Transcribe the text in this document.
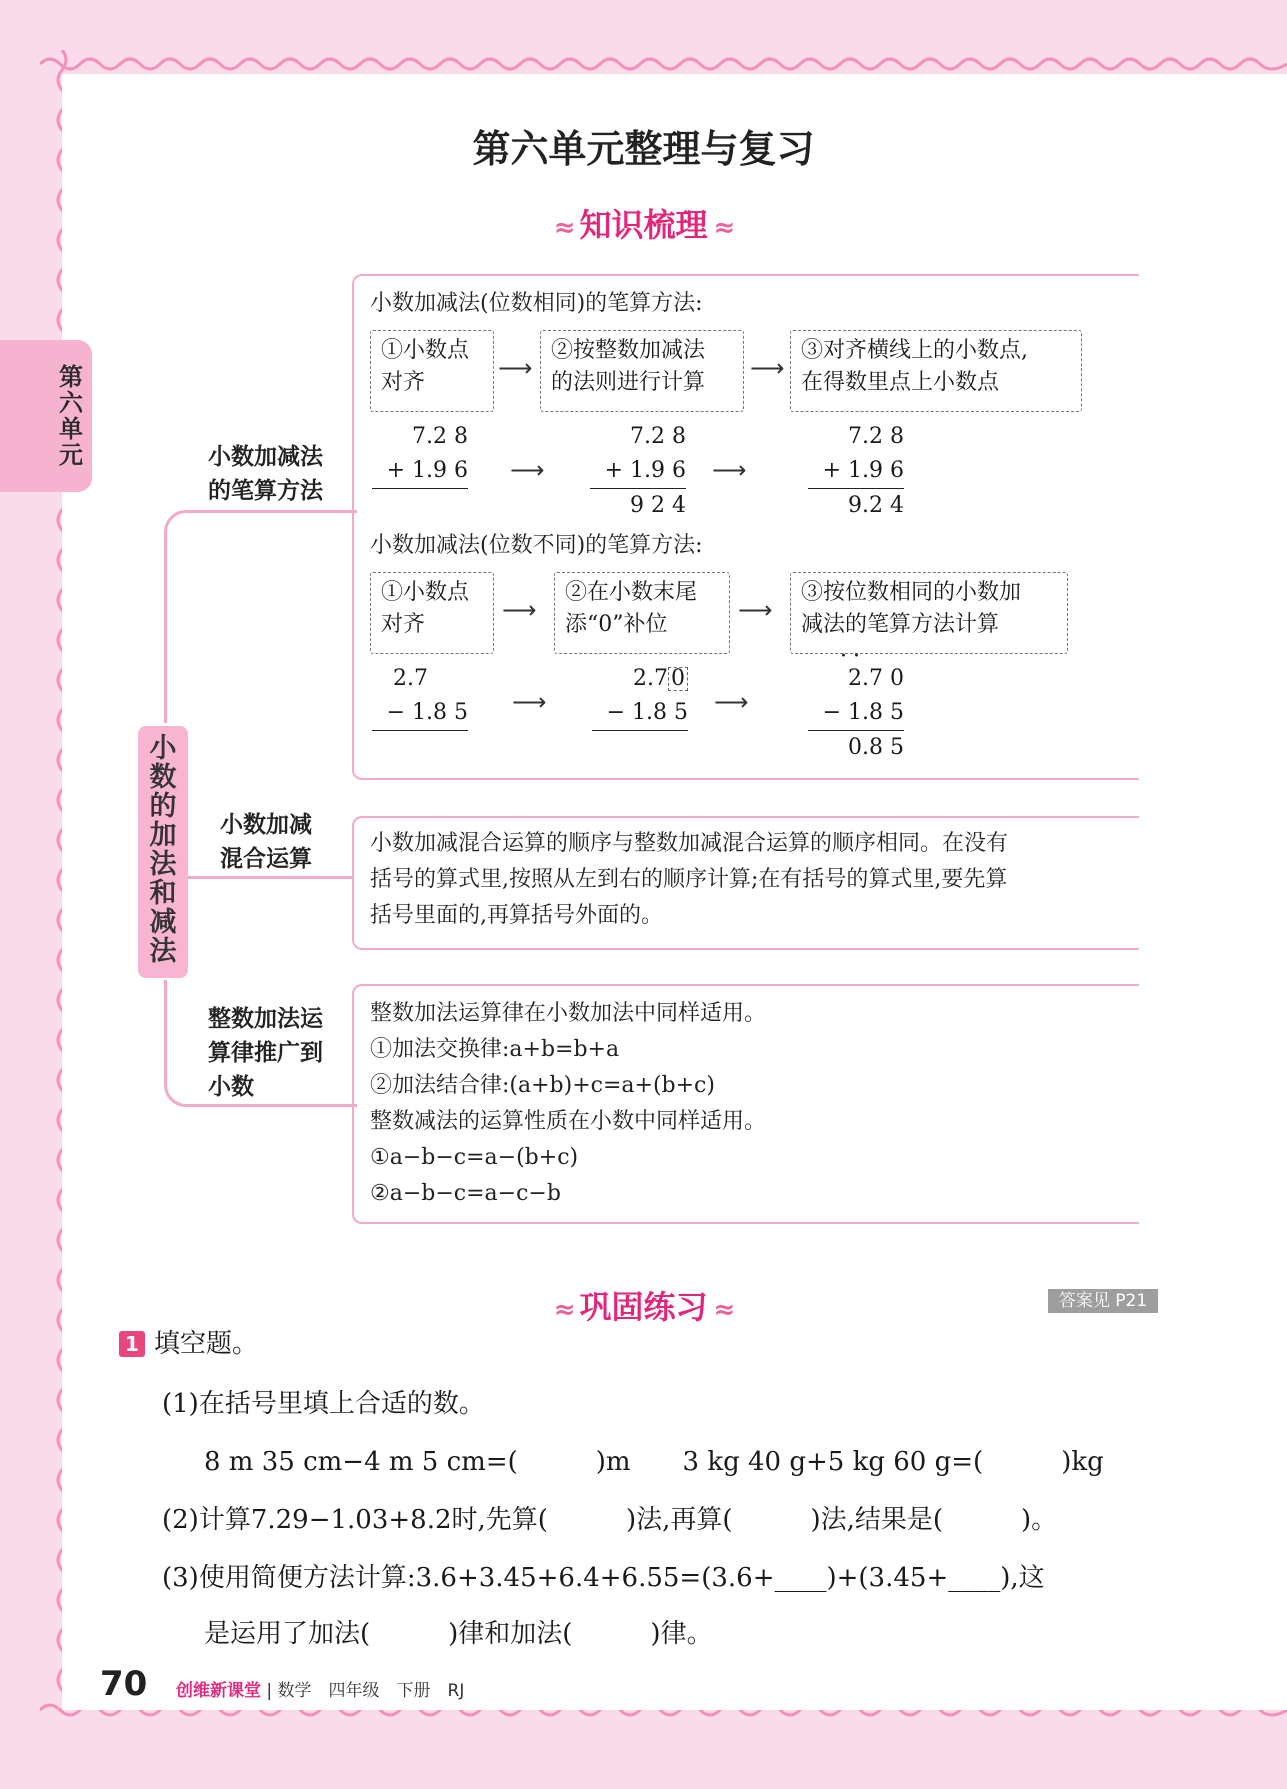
第六单元
第六单元整理与复习
≈ 知识梳理 ≈
小数的加法和减法
小数加减法
的笔算方法
小数加减
混合运算
整数加法运
算律推广到
小数
小数加减法(位数相同)的笔算方法:
①小数点
对齐
⟶
②按整数加减法
的法则进行计算
⟶
③对齐横线上的小数点,
在得数里点上小数点
7.2 8
+ 1.9 6 ⟶
7.2 8
+ 1.9 6
9 2 4
⟶
7.2 8
+ 1.9 6
9.2 4
小数加减法(位数不同)的笔算方法:
①小数点
对齐
⟶
②在小数末尾
添“0”补位
⟶
③按位数相同的小数加
减法的笔算方法计算
2.7
− 1.8 5 ⟶
2.7 0
− 1.8 5 ⟶
··
2.7 0
− 1.8 5
0.8 5
小数加减混合运算的顺序与整数加减混合运算的顺序相同。在没有
括号的算式里,按照从左到右的顺序计算;在有括号的算式里,要先算
括号里面的,再算括号外面的。
整数加法运算律在小数加法中同样适用。
①加法交换律:a+b=b+a
②加法结合律:(a+b)+c=a+(b+c)
整数减法的运算性质在小数中同样适用。
①a−b−c=a−(b+c)
②a−b−c=a−c−b
≈ 巩固练习 ≈	答案见 P21
1 填空题。
(1)在括号里填上合适的数。
8 m 35 cm−4 m 5 cm=(　　　)m　　3 kg 40 g+5 kg 60 g=(　　　)kg
(2)计算7.29−1.03+8.2时,先算(　　　)法,再算(　　　)法,结果是(　　　)。
(3)使用简便方法计算:3.6+3.45+6.4+6.55=(3.6+____)+(3.45+____),这
是运用了加法(　　　)律和加法(　　　)律。
70 创维新课堂 | 数学　四年级　下册　RJ
